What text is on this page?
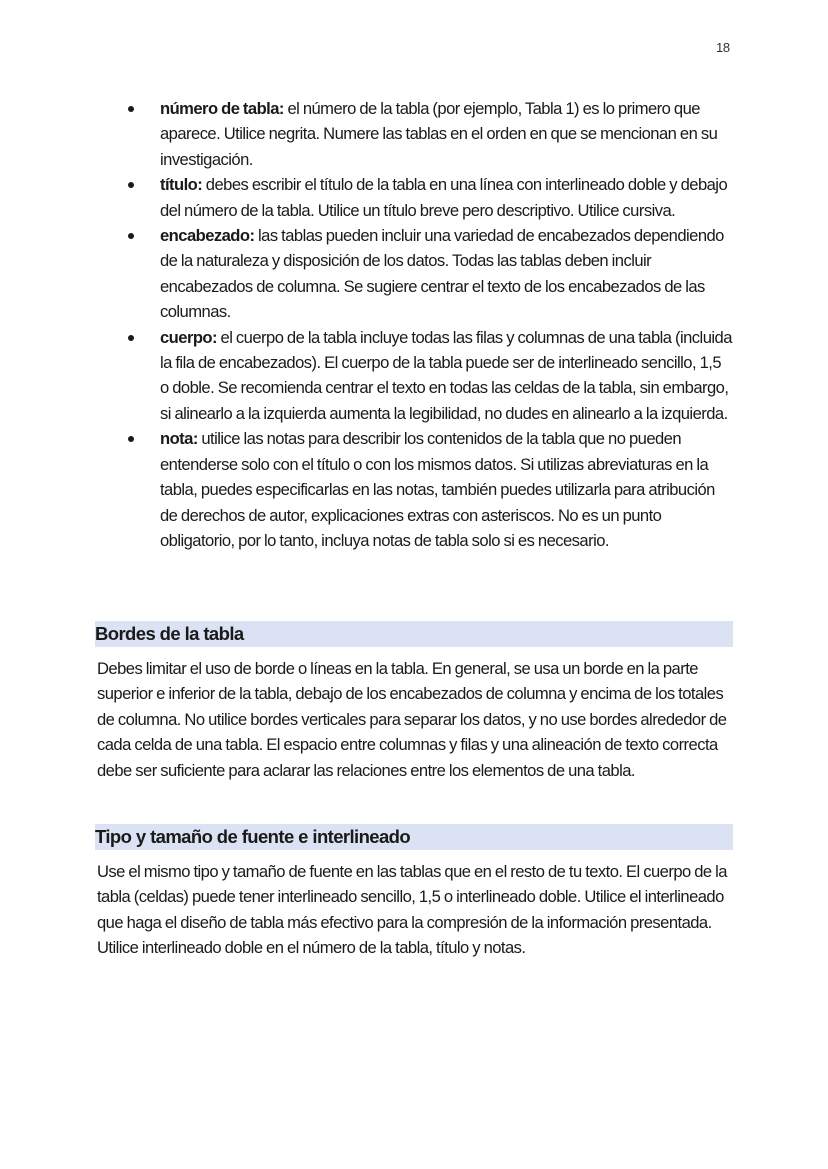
18
número de tabla: el número de la tabla (por ejemplo, Tabla 1) es lo primero que aparece. Utilice negrita. Numere las tablas en el orden en que se mencionan en su investigación.
título: debes escribir el título de la tabla en una línea con interlineado doble y debajo del número de la tabla. Utilice un título breve pero descriptivo. Utilice cursiva.
encabezado: las tablas pueden incluir una variedad de encabezados dependiendo de la naturaleza y disposición de los datos. Todas las tablas deben incluir encabezados de columna. Se sugiere centrar el texto de los encabezados de las columnas.
cuerpo: el cuerpo de la tabla incluye todas las filas y columnas de una tabla (incluida la fila de encabezados). El cuerpo de la tabla puede ser de interlineado sencillo, 1,5 o doble. Se recomienda centrar el texto en todas las celdas de la tabla, sin embargo, si alinearlo a la izquierda aumenta la legibilidad, no dudes en alinearlo a la izquierda.
nota: utilice las notas para describir los contenidos de la tabla que no pueden entenderse solo con el título o con los mismos datos. Si utilizas abreviaturas en la tabla, puedes especificarlas en las notas, también puedes utilizarla para atribución de derechos de autor, explicaciones extras con asteriscos. No es un punto obligatorio, por lo tanto, incluya notas de tabla solo si es necesario.
Bordes de la tabla

Debes limitar el uso de borde o líneas en la tabla. En general, se usa un borde en la parte superior e inferior de la tabla, debajo de los encabezados de columna y encima de los totales de columna. No utilice bordes verticales para separar los datos, y no use bordes alrededor de cada celda de una tabla. El espacio entre columnas y filas y una alineación de texto correcta debe ser suficiente para aclarar las relaciones entre los elementos de una tabla.

Tipo y tamaño de fuente e interlineado

Use el mismo tipo y tamaño de fuente en las tablas que en el resto de tu texto. El cuerpo de la tabla (celdas) puede tener interlineado sencillo, 1,5 o interlineado doble. Utilice el interlineado que haga el diseño de tabla más efectivo para la compresión de la información presentada. Utilice interlineado doble en el número de la tabla, título y notas.
